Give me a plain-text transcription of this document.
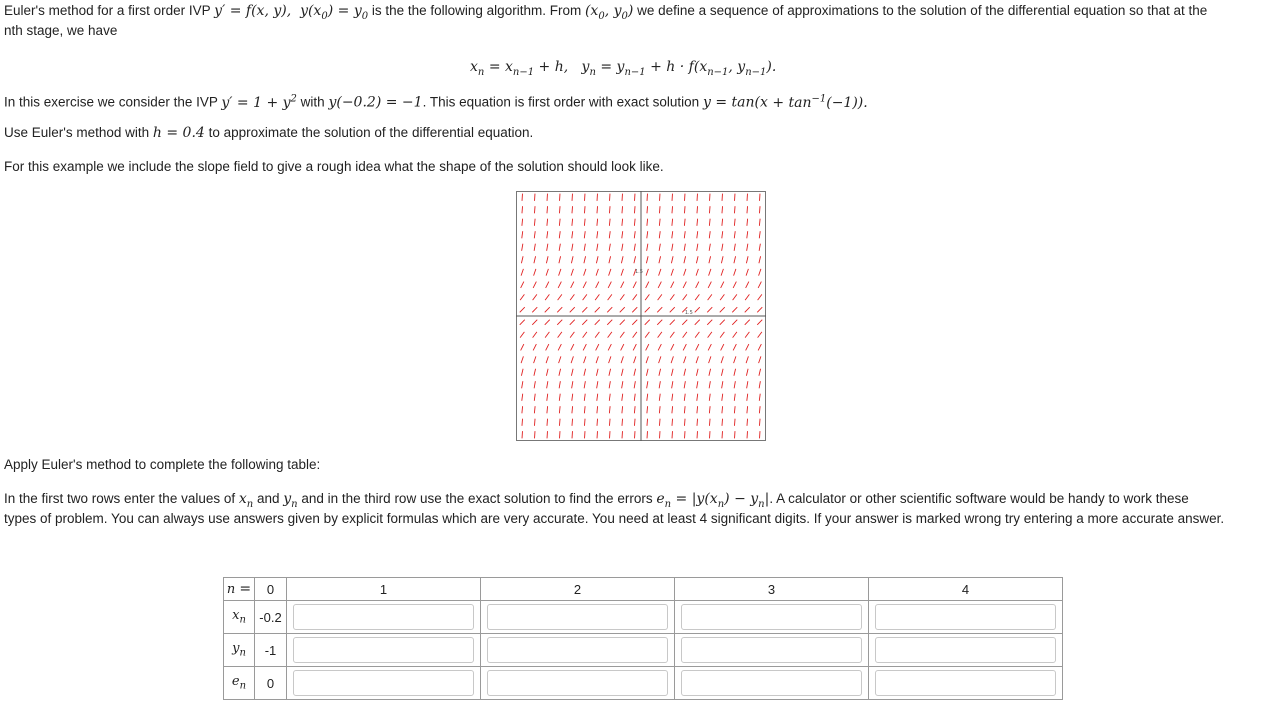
Euler's method for a first order IVP y′ = f(x, y),  $y(x_0) = y_0$ is the the following algorithm. From ($x_0$, $y_0$) we define a sequence of approximations to the solution of the differential equation so that at the
nth stage, we have
$x_n = x_{n-1} + h$,   $y_n = y_{n-1} + h \cdot f(x_{n-1}$, $y_{n-1}$).
In this exercise we consider the IVP $y' = 1 + y^2$ with y(−0.2) = −1. This equation is first order with exact solution $y = \tan(x + \tan^{-1}(-1))$.
Use Euler's method with h = 0.4 to approximate the solution of the differential equation.
For this example we include the slope field to give a rough idea what the shape of the solution should look like.
1.5
1.5
Apply Euler's method to complete the following table:
In the first two rows enter the values of $x_n$ and $y_n$ and in the third row use the exact solution to find the errors $e_n = |y(x_n) - y_n|$. A calculator or other scientific software would be handy to work these
types of problem. You can always use answers given by explicit formulas which are very accurate. You need at least 4 significant digits. If your answer is marked wrong try entering a more accurate answer.
n =	0	1	2	3	4
$x_n$	-0.2				
$y_n$	-1				
$e_n$	0				
